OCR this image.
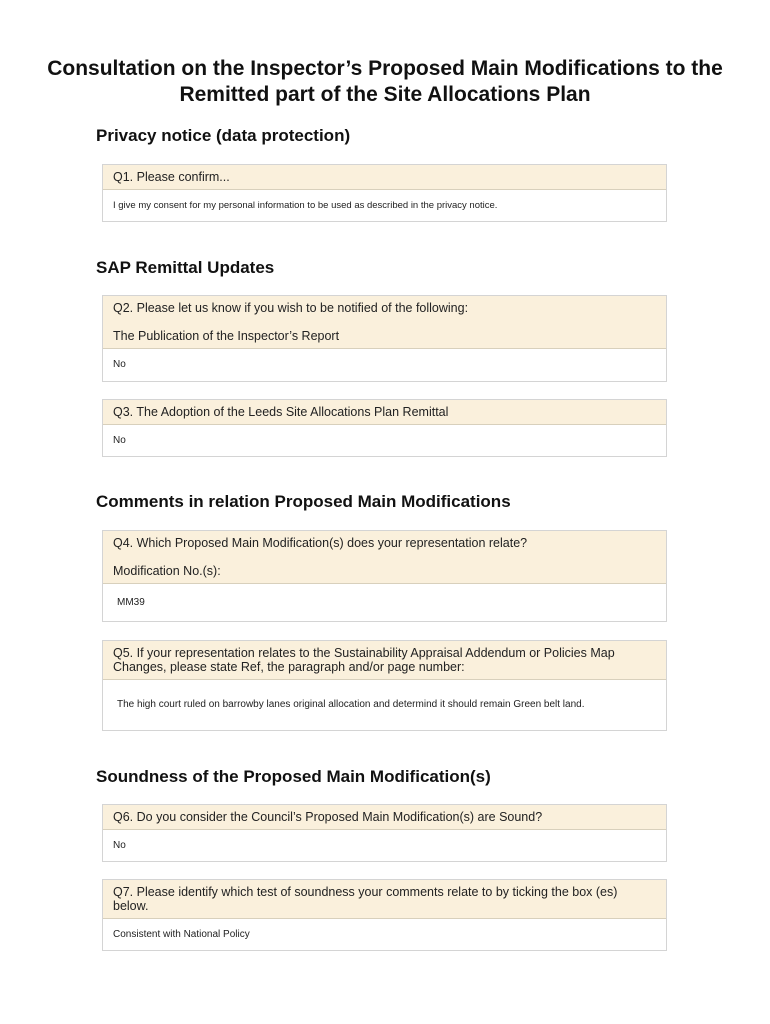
Consultation on the Inspector’s Proposed Main Modifications to the
Remitted part of the Site Allocations Plan
Privacy notice (data protection)
Q1. Please confirm...
I give my consent for my personal information to be used as described in the privacy notice.
SAP Remittal Updates
Q2. Please let us know if you wish to be notified of the following:
The Publication of the Inspector’s Report
No
Q3. The Adoption of the Leeds Site Allocations Plan Remittal
No
Comments in relation Proposed Main Modifications
Q4. Which Proposed Main Modification(s) does your representation relate?
Modification No.(s):
MM39
Q5. If your representation relates to the Sustainability Appraisal Addendum or Policies Map Changes, please state Ref, the paragraph and/or page number:
The high court ruled on barrowby lanes original allocation and determind it should remain Green belt land.
Soundness of the Proposed Main Modification(s)
Q6. Do you consider the Council’s Proposed Main Modification(s) are Sound?
No
Q7. Please identify which test of soundness your comments relate to by ticking the box (es) below.
Consistent with National Policy
